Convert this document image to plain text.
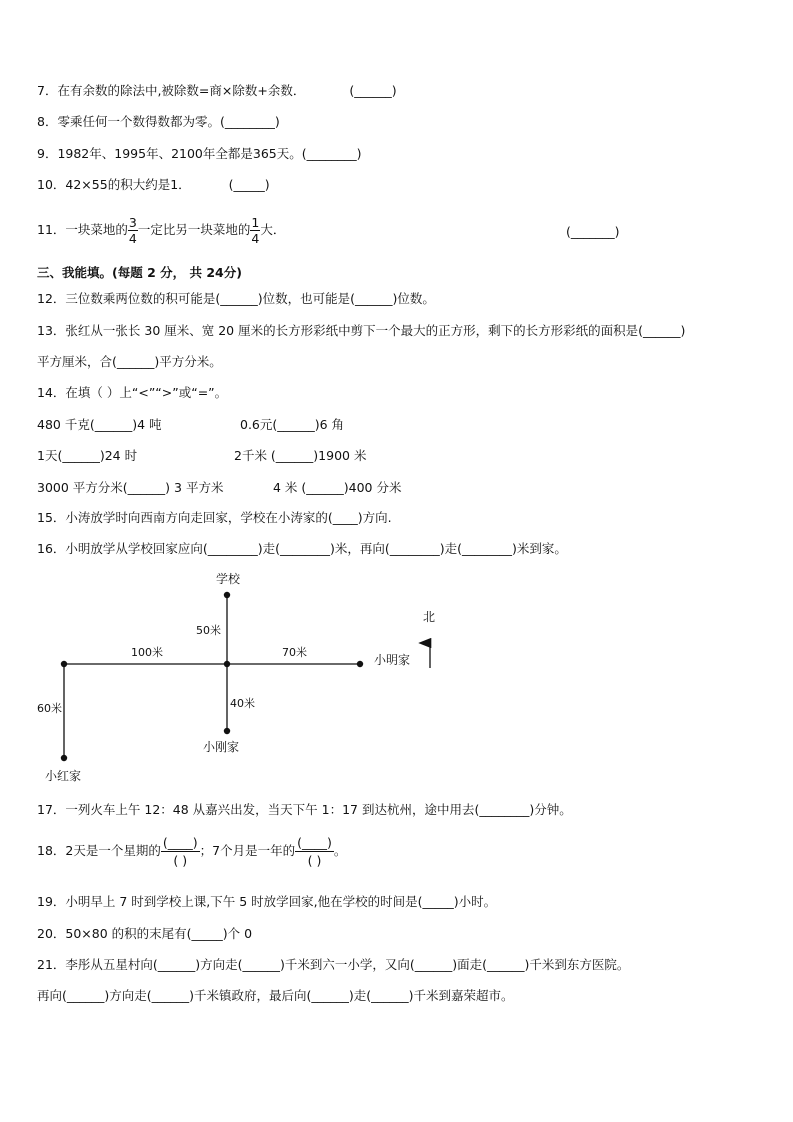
7．在有余数的除法中,被除数=商×除数+余数．	(______)
8．零乘任何一个数得数都为零。(________)
9．1982年、1995年、2100年全都是365天。(________)
10．42×55的积大约是1．	(_____)
11．一块菜地的 $\frac{3}{4}$ 一定比另一块菜地的 $\frac{1}{4}$ 大．	(_______)
三、我能填。(每题 2 分， 共 24分)
12．三位数乘两位数的积可能是(______)位数，也可能是(______)位数。
13．张红从一张长 30 厘米、宽 20 厘米的长方形彩纸中剪下一个最大的正方形，剩下的长方形彩纸的面积是(______)
平方厘米，合(______)平方分米。
14．在填（ ）上“<”“>”或“=”。
480 千克(______)4 吨	0.6元(______)6 角
1天(______)24 时	2千米 (______)1900 米
3000 平方分米(______) 3 平方米	4 米 (______)400 分米
15．小涛放学时向西南方向走回家，学校在小涛家的(____)方向.
16．小明放学从学校回家应向(________)走(________)米，再向(________)走(________)米到家。
学校
北
小明家
小刚家
小红家
50米
100米	70米
40米
60米
17．一列火车上午 12：48 从嘉兴出发，当天下午 1：17 到达杭州，途中用去(________)分钟。
18．2天是一个星期的 $\frac{(\_\_\_\_)}{( )}$ ；7个月是一年的 $\frac{(\_\_\_\_)}{( )}$ 。
19．小明早上 7 时到学校上课,下午 5 时放学回家,他在学校的时间是(_____)小时。
20．50×80 的积的末尾有(_____)个 0
21．李彤从五星村向(______)方向走(______)千米到六一小学，又向(______)面走(______)千米到东方医院。
再向(______)方向走(______)千米镇政府，最后向(______)走(______)千米到嘉荣超市。
